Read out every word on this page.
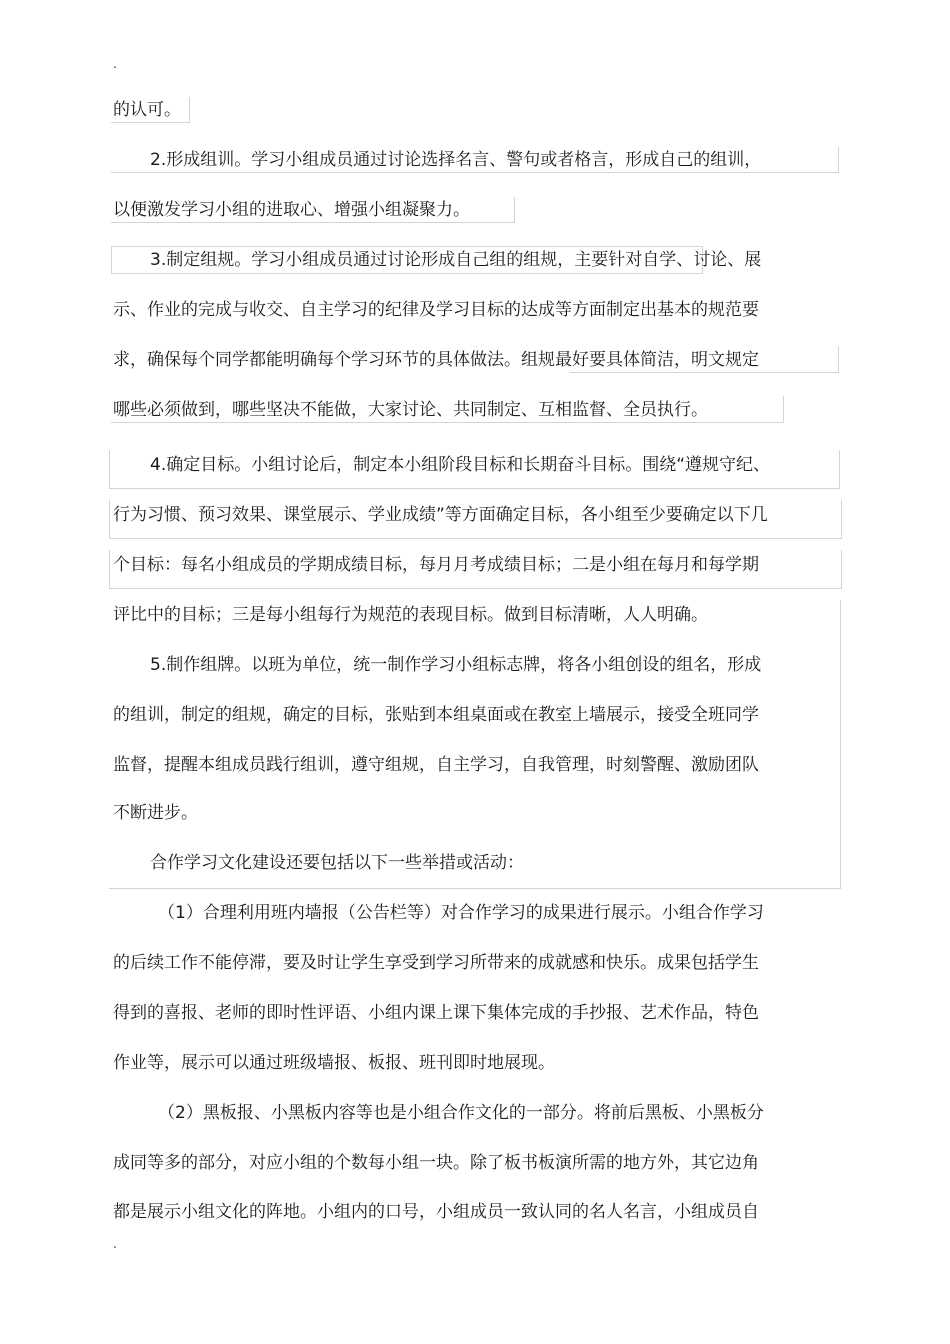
.
的认可。
2.形成组训。学习小组成员通过讨论选择名言、警句或者格言，形成自己的组训，
以便激发学习小组的进取心、增强小组凝聚力。
3.制定组规。学习小组成员通过讨论形成自己组的组规，主要针对自学、讨论、展
示、作业的完成与收交、自主学习的纪律及学习目标的达成等方面制定出基本的规范要
求，确保每个同学都能明确每个学习环节的具体做法。组规最好要具体简洁，明文规定
哪些必须做到，哪些坚决不能做，大家讨论、共同制定、互相监督、全员执行。
4.确定目标。小组讨论后，制定本小组阶段目标和长期奋斗目标。围绕“遵规守纪、
行为习惯、预习效果、课堂展示、学业成绩”等方面确定目标，各小组至少要确定以下几
个目标：每名小组成员的学期成绩目标，每月月考成绩目标；二是小组在每月和每学期
评比中的目标；三是每小组每行为规范的表现目标。做到目标清晰，人人明确。
5.制作组牌。以班为单位，统一制作学习小组标志牌，将各小组创设的组名，形成
的组训，制定的组规，确定的目标，张贴到本组桌面或在教室上墙展示，接受全班同学
监督，提醒本组成员践行组训，遵守组规，自主学习，自我管理，时刻警醒、激励团队
不断进步。
合作学习文化建设还要包括以下一些举措或活动：
（1）合理利用班内墙报（公告栏等）对合作学习的成果进行展示。小组合作学习
的后续工作不能停滞，要及时让学生享受到学习所带来的成就感和快乐。成果包括学生
得到的喜报、老师的即时性评语、小组内课上课下集体完成的手抄报、艺术作品，特色
作业等，展示可以通过班级墙报、板报、班刊即时地展现。
（2）黑板报、小黑板内容等也是小组合作文化的一部分。将前后黑板、小黑板分
成同等多的部分，对应小组的个数每小组一块。除了板书板演所需的地方外，其它边角
都是展示小组文化的阵地。小组内的口号，小组成员一致认同的名人名言，小组成员自
.
